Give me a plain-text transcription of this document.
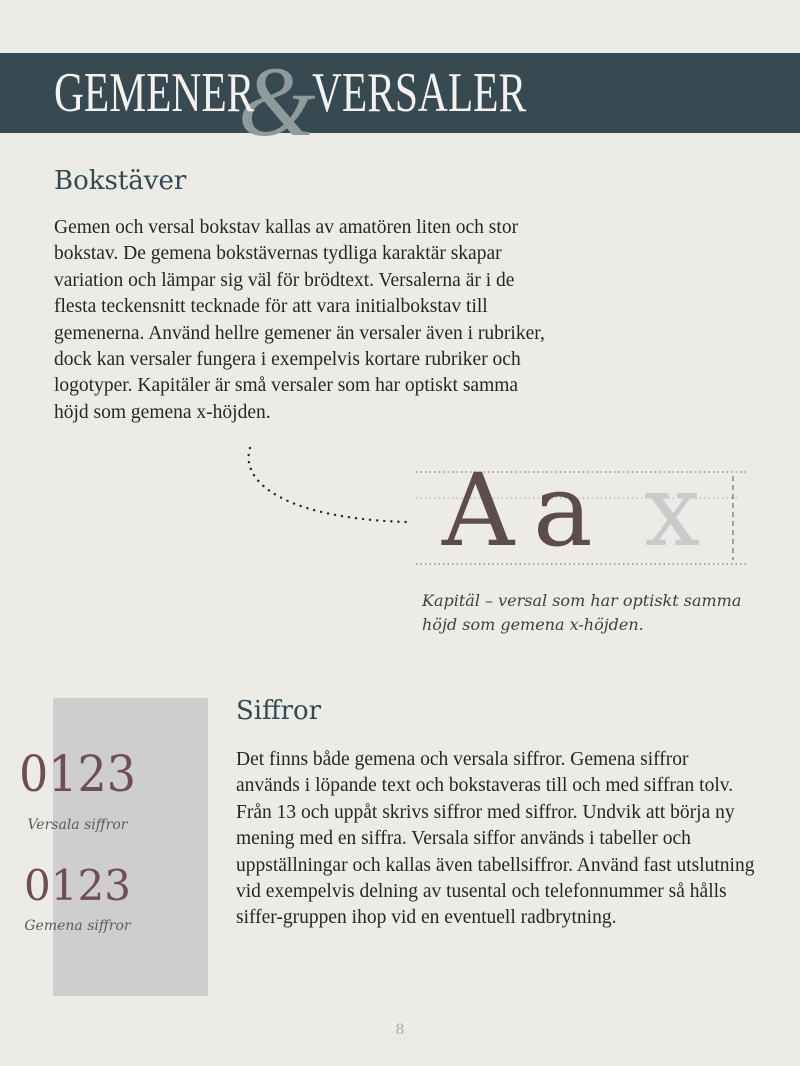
&
GEMENER VERSALER
Bokstäver

Gemen och versal bokstav kallas av amatören liten och stor bokstav. De gemena bokstävernas tydliga karaktär skapar variation och lämpar sig väl för brödtext. Versalerna är i de flesta teckensnitt tecknade för att vara initialbokstav till gemenerna. Använd hellre gemener än versaler även i rubriker, dock kan versaler fungera i exempelvis kortare rubriker och logotyper. Kapitäler är små versaler som har optiskt samma höjd som gemena x-höjden.

A a x
Kapitäl – versal som har optiskt samma höjd som gemena x-höjden.
0123
Versala siffror
0123
Gemena siffror
Siffror

Det finns både gemena och versala siffror. Gemena siffror används i löpande text och bokstaveras till och med siffran tolv. Från 13 och uppåt skrivs siffror med siffror. Undvik att börja ny mening med en siffra. Versala siffor används i tabeller och uppställningar och kallas även tabellsiffror. Använd fast utslutning vid exempelvis delning av tusental och telefonnummer så hålls siffer-gruppen ihop vid en eventuell radbrytning.

8
